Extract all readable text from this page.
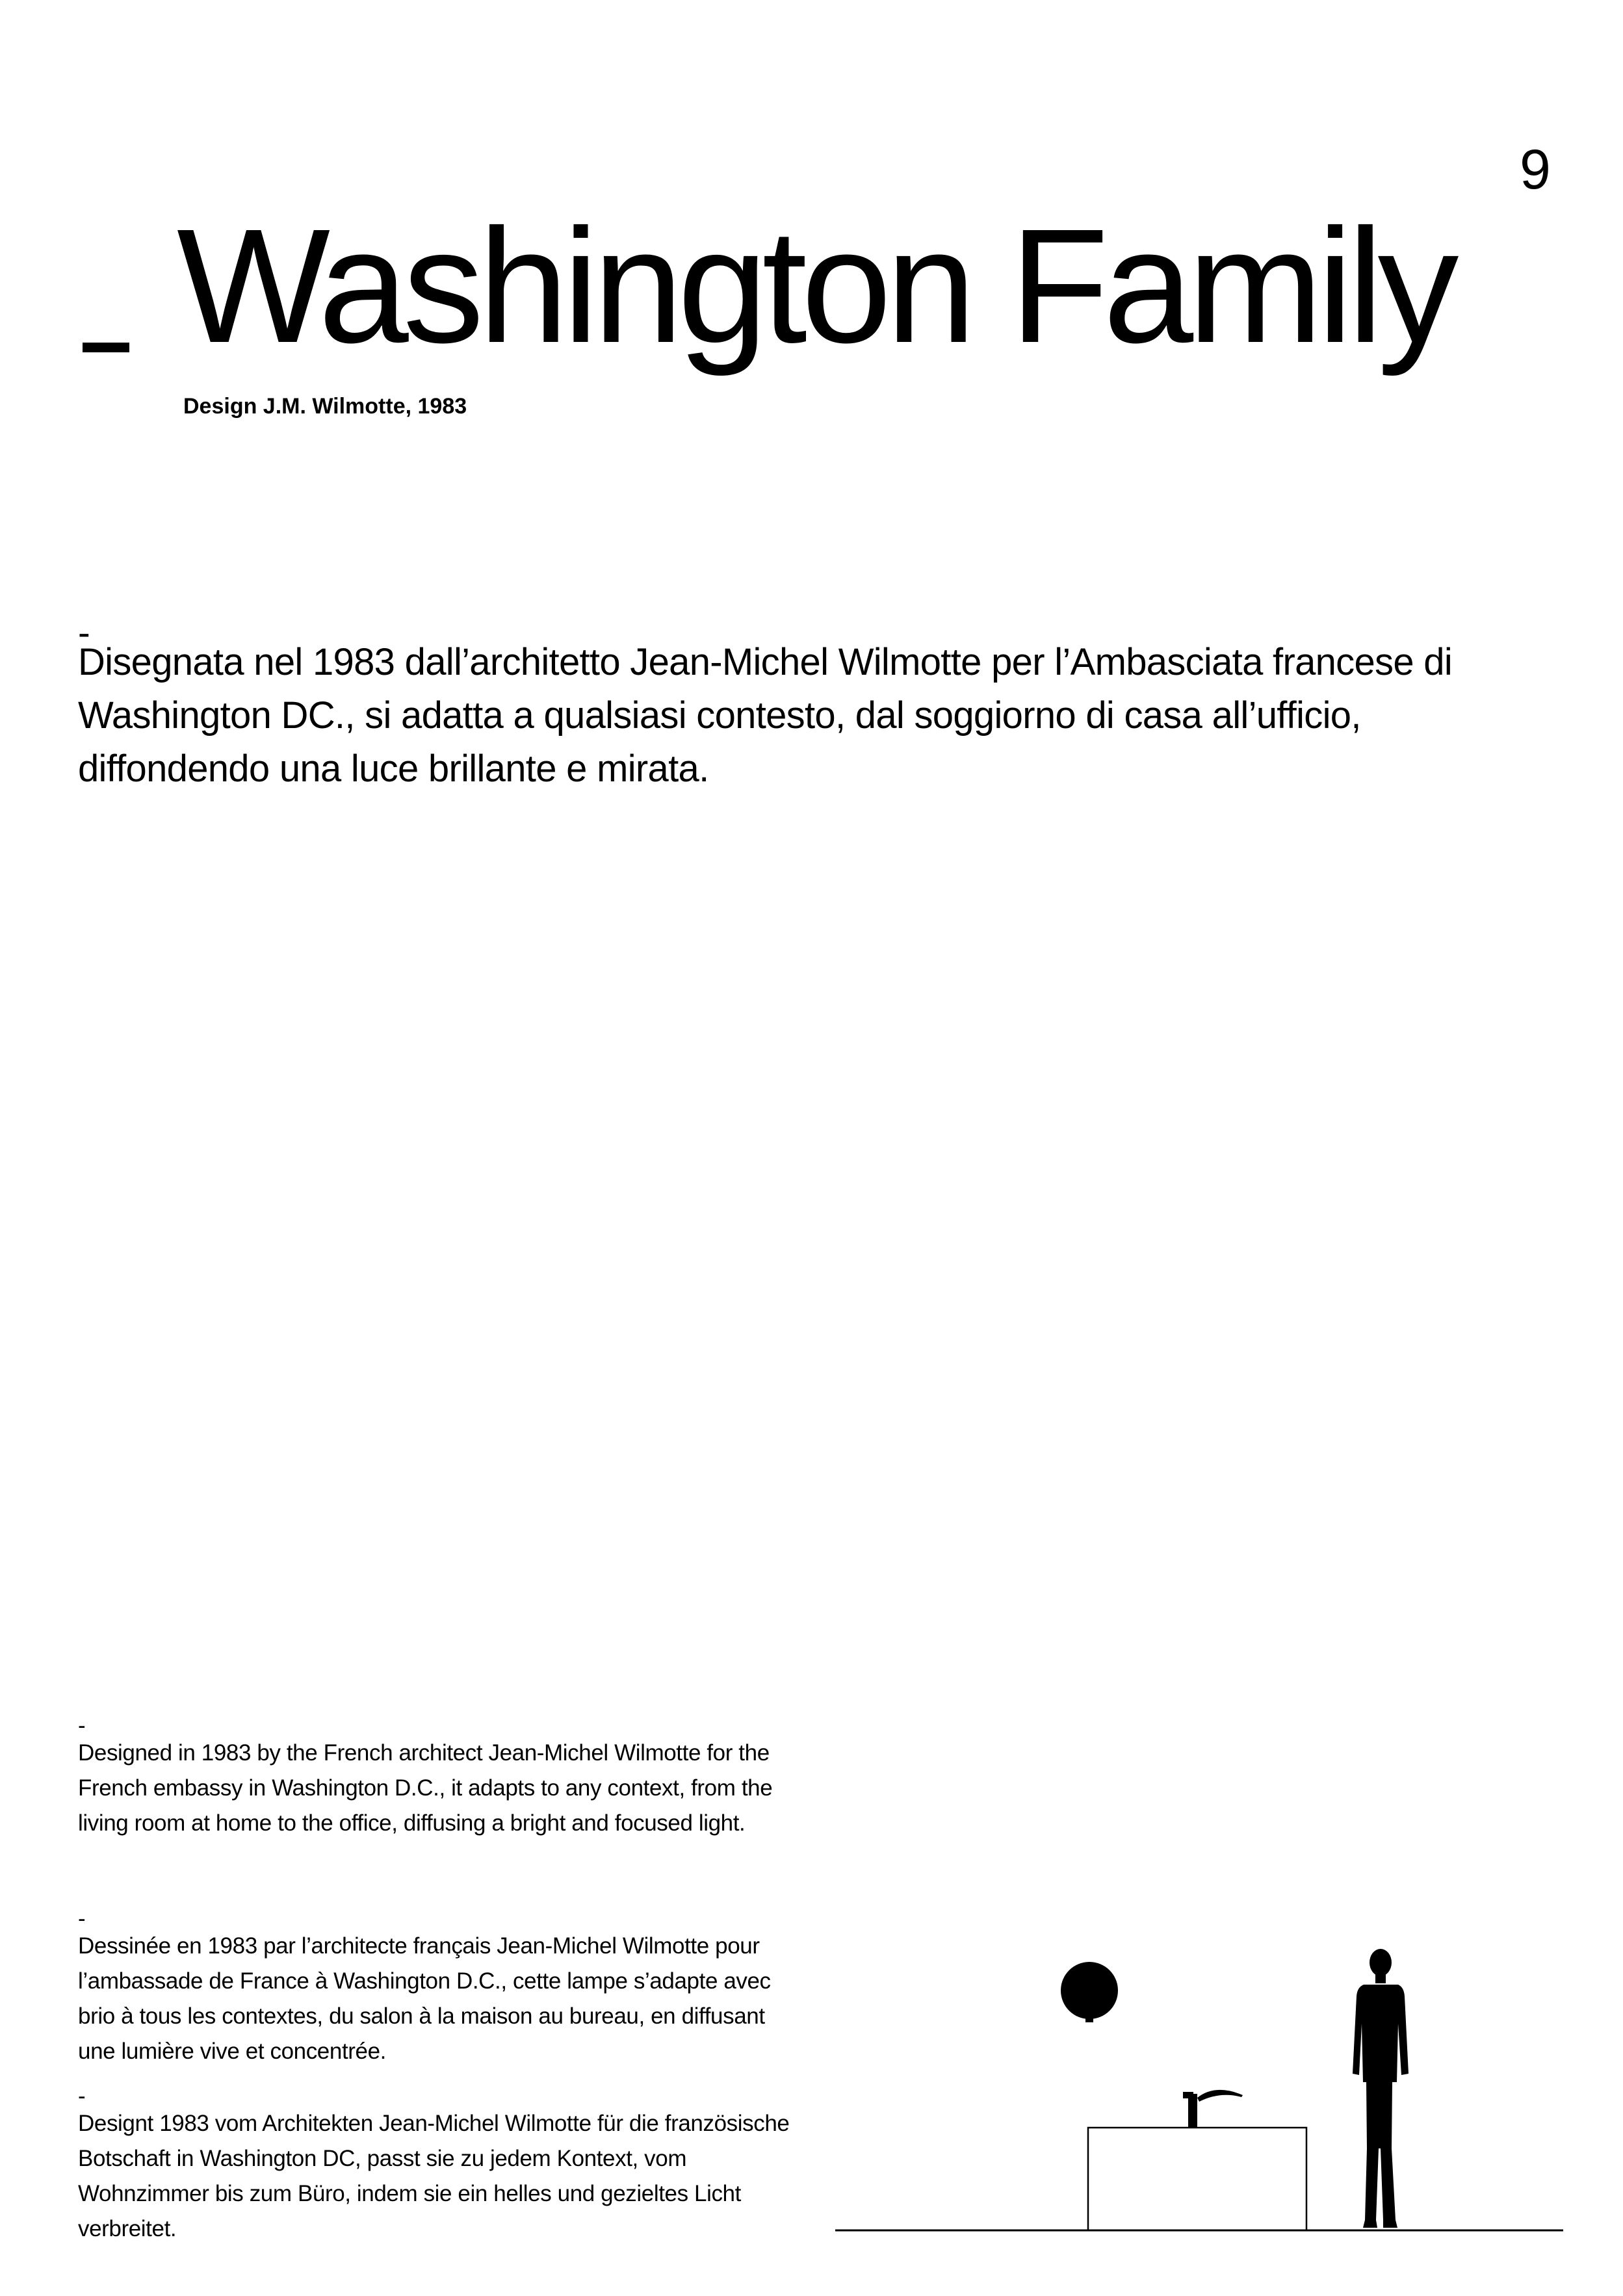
9
Washington Family
Design J.M. Wilmotte, 1983
-

Disegnata nel 1983 dall’architetto Jean-Michel Wilmotte per l’Ambasciata francese di Washington DC., si adatta a qualsiasi contesto, dal soggiorno di casa all’ufficio, diffondendo una luce brillante e mirata.

-
Designed in 1983 by the French architect Jean-Michel Wilmotte for the French embassy in Washington D.C., it adapts to any context, from the living room at home to the office, diffusing a bright and focused light.
-
Dessinée en 1983 par l’architecte français Jean-Michel Wilmotte pour l’ambassade de France à Washington D.C., cette lampe s’adapte avec brio à tous les contextes, du salon à la maison au bureau, en diffusant une lumière vive et concentrée.
-
Designt 1983 vom Architekten Jean-Michel Wilmotte für die französische Botschaft in Washington DC, passt sie zu jedem Kontext, vom Wohnzimmer bis zum Büro, indem sie ein helles und gezieltes Licht verbreitet.
